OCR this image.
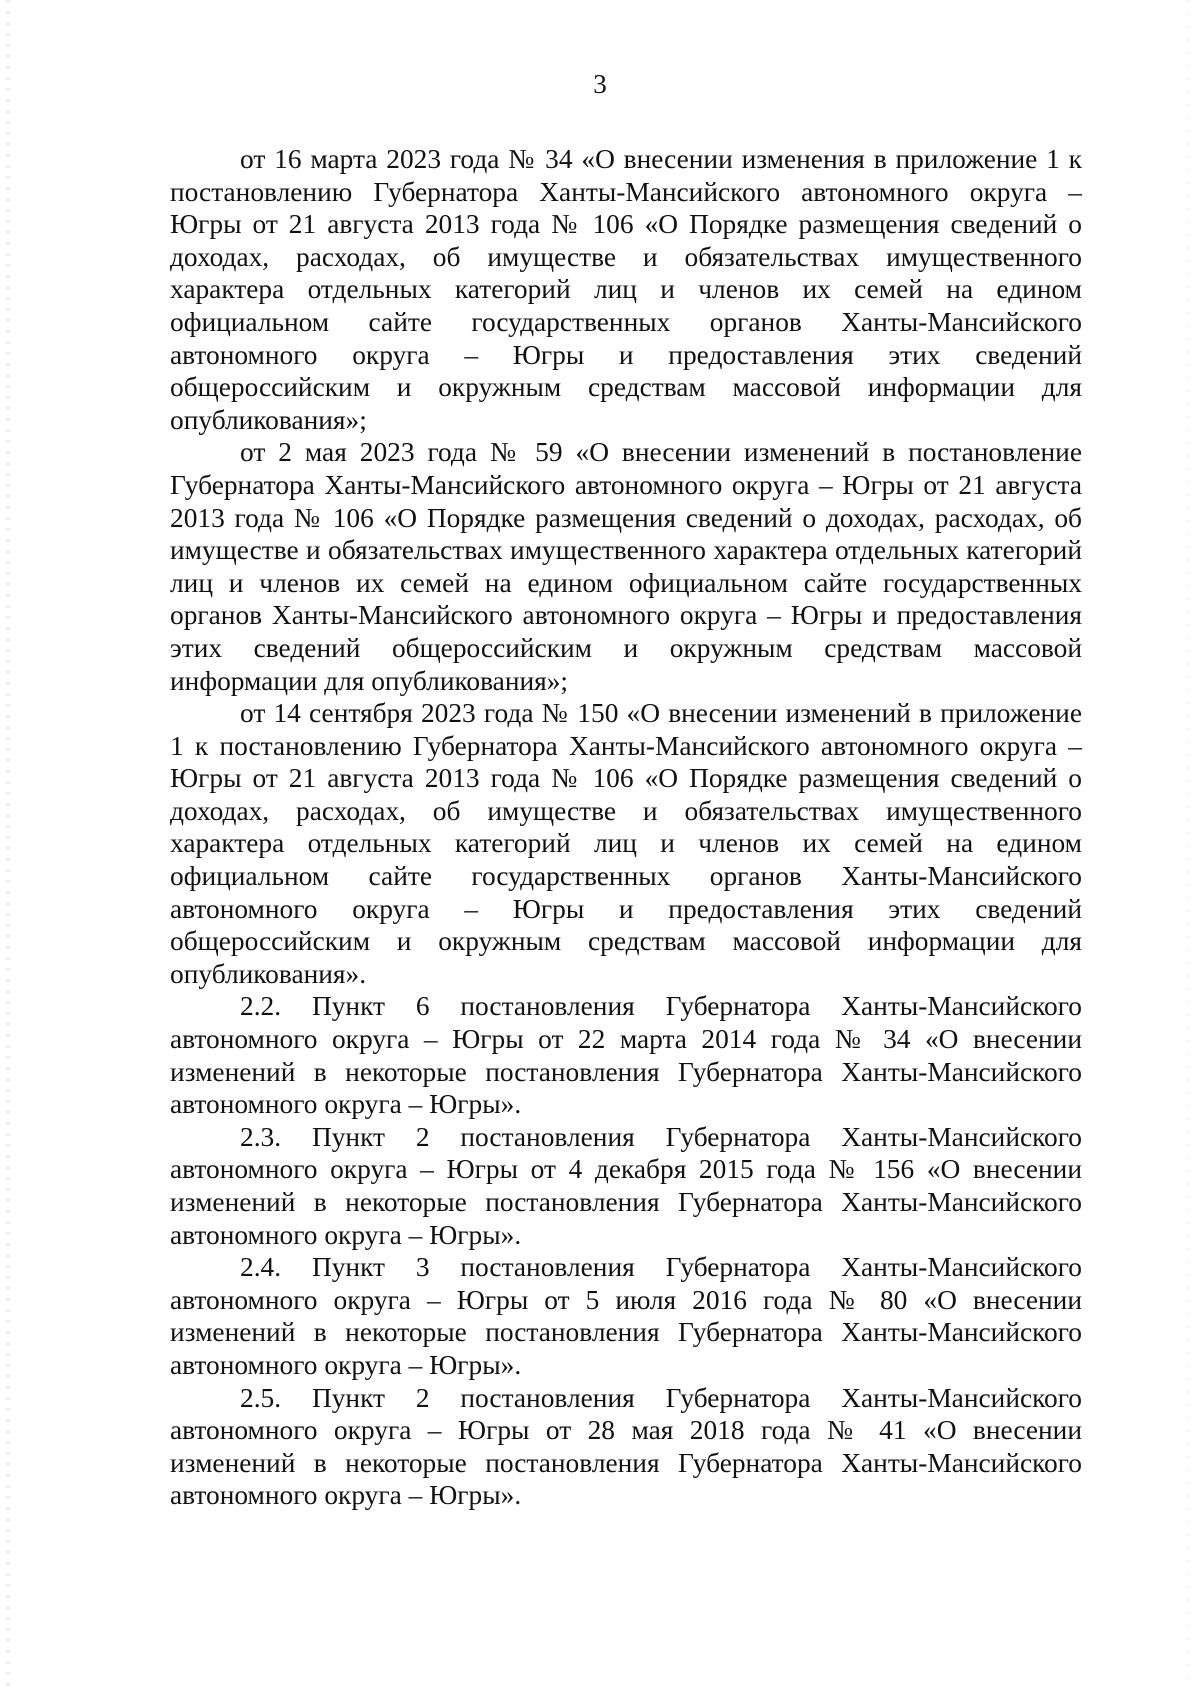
3

от 16 марта 2023 года № 34 «О внесении изменения в приложение 1 к постановлению Губернатора Ханты-Мансийского автономного округа – Югры от 21 августа 2013 года № 106 «О Порядке размещения сведений о доходах, расходах, об имуществе и обязательствах имущественного характера отдельных категорий лиц и членов их семей на едином официальном сайте государственных органов Ханты-Мансийского автономного округа – Югры и предоставления этих сведений общероссийским и окружным средствам массовой информации для опубликования»;

от 2 мая 2023 года № 59 «О внесении изменений в постановление Губернатора Ханты-Мансийского автономного округа – Югры от 21 августа 2013 года № 106 «О Порядке размещения сведений о доходах, расходах, об имуществе и обязательствах имущественного характера отдельных категорий лиц и членов их семей на едином официальном сайте государственных органов Ханты-Мансийского автономного округа – Югры и предоставления этих сведений общероссийским и окружным средствам массовой информации для опубликования»;

от 14 сентября 2023 года № 150 «О внесении изменений в приложение 1 к постановлению Губернатора Ханты-Мансийского автономного округа – Югры от 21 августа 2013 года № 106 «О Порядке размещения сведений о доходах, расходах, об имуществе и обязательствах имущественного характера отдельных категорий лиц и членов их семей на едином официальном сайте государственных органов Ханты-Мансийского автономного округа – Югры и предоставления этих сведений общероссийским и окружным средствам массовой информации для опубликования».

2.2. Пункт 6 постановления Губернатора Ханты-Мансийского автономного округа – Югры от 22 марта 2014 года № 34 «О внесении изменений в некоторые постановления Губернатора Ханты-Мансийского автономного округа – Югры».

2.3. Пункт 2 постановления Губернатора Ханты-Мансийского автономного округа – Югры от 4 декабря 2015 года № 156 «О внесении изменений в некоторые постановления Губернатора Ханты-Мансийского автономного округа – Югры».

2.4. Пункт 3 постановления Губернатора Ханты-Мансийского автономного округа – Югры от 5 июля 2016 года № 80 «О внесении изменений в некоторые постановления Губернатора Ханты-Мансийского автономного округа – Югры».

2.5. Пункт 2 постановления Губернатора Ханты-Мансийского автономного округа – Югры от 28 мая 2018 года № 41 «О внесении изменений в некоторые постановления Губернатора Ханты-Мансийского автономного округа – Югры».
